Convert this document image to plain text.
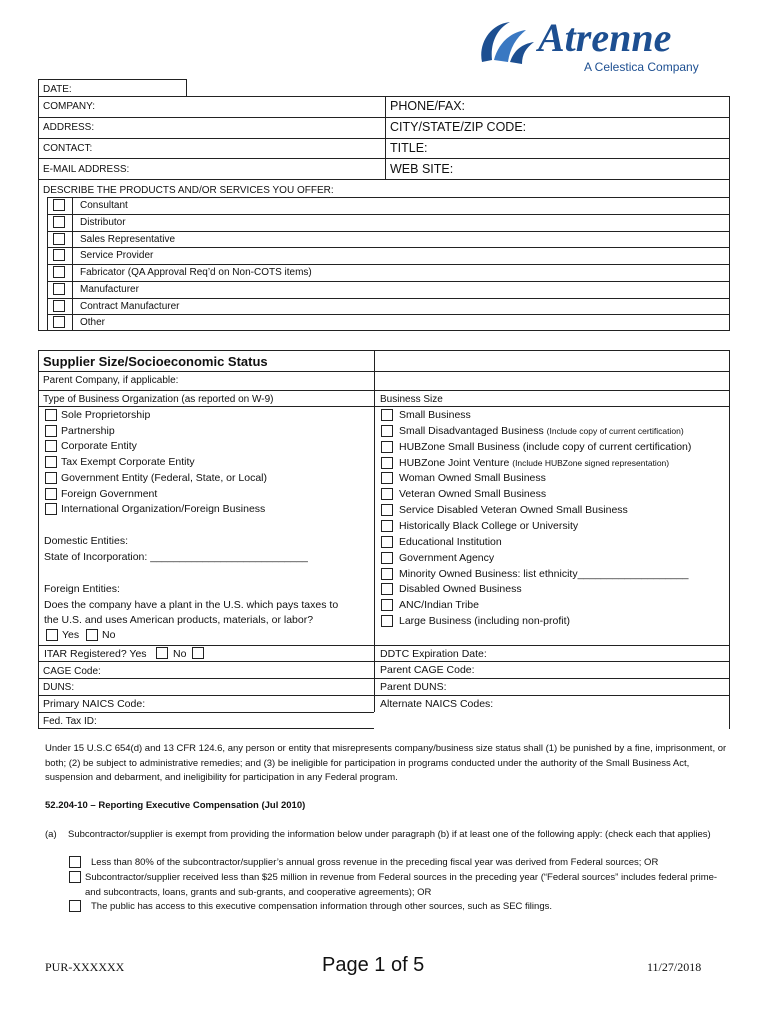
Atrenne
A Celestica Company
DATE:
COMPANY:	PHONE/FAX:
ADDRESS:	CITY/STATE/ZIP CODE:
CONTACT:	TITLE:
E-MAIL ADDRESS:	WEB SITE:
DESCRIBE THE PRODUCTS AND/OR SERVICES YOU OFFER:
Consultant
Distributor
Sales Representative
Service Provider
Fabricator (QA Approval Req’d on Non-COTS items)
Manufacturer
Contract Manufacturer
Other
Supplier Size/Socioeconomic Status
Parent Company, if applicable:
Type of Business Organization (as reported on W-9)	Business Size
Sole Proprietorship
Partnership
Corporate Entity
Tax Exempt Corporate Entity
Government Entity (Federal, State, or Local)
Foreign Government
International Organization/Foreign Business
Small Business
Small Disadvantaged Business (Include copy of current certification)
HUBZone Small Business (include copy of current certification)
HUBZone Joint Venture (Include HUBZone signed representation)
Woman Owned Small Business
Veteran Owned Small Business
Service Disabled Veteran Owned Small Business
Historically Black College or University
Educational Institution
Government Agency
Minority Owned Business: list ethnicity___________________
Disabled Owned Business
ANC/Indian Tribe
Large Business (including non-profit)
Domestic Entities:
State of Incorporation: ___________________________
Foreign Entities:
Does the company have a plant in the U.S. which pays taxes to
the U.S. and uses American products, materials, or labor?
Yes No
ITAR Registered? Yes	No	DDTC Expiration Date:
CAGE Code:	Parent CAGE Code:
DUNS:	Parent DUNS:
Primary NAICS Code:	Alternate NAICS Codes:
Fed. Tax ID:
Under 15 U.S.C 654(d) and 13 CFR 124.6, any person or entity that misrepresents company/business size status shall (1) be punished by a fine, imprisonment, or both; (2) be subject to administrative remedies; and (3) be ineligible for participation in programs conducted under the authority of the Small Business Act, suspension and debarment, and ineligibility for participation in any Federal program.
52.204-10 – Reporting Executive Compensation (Jul 2010)
(a) Subcontractor/supplier is exempt from providing the information below under paragraph (b) if at least one of the following apply: (check each that applies)
Less than 80% of the subcontractor/supplier’s annual gross revenue in the preceding fiscal year was derived from Federal sources; OR
Subcontractor/supplier received less than $25 million in revenue from Federal sources in the preceding year (“Federal sources” includes federal prime- and subcontracts, loans, grants and sub-grants, and cooperative agreements); OR
The public has access to this executive compensation information through other sources, such as SEC filings.
PUR-XXXXXX	Page 1 of 5	11/27/2018
